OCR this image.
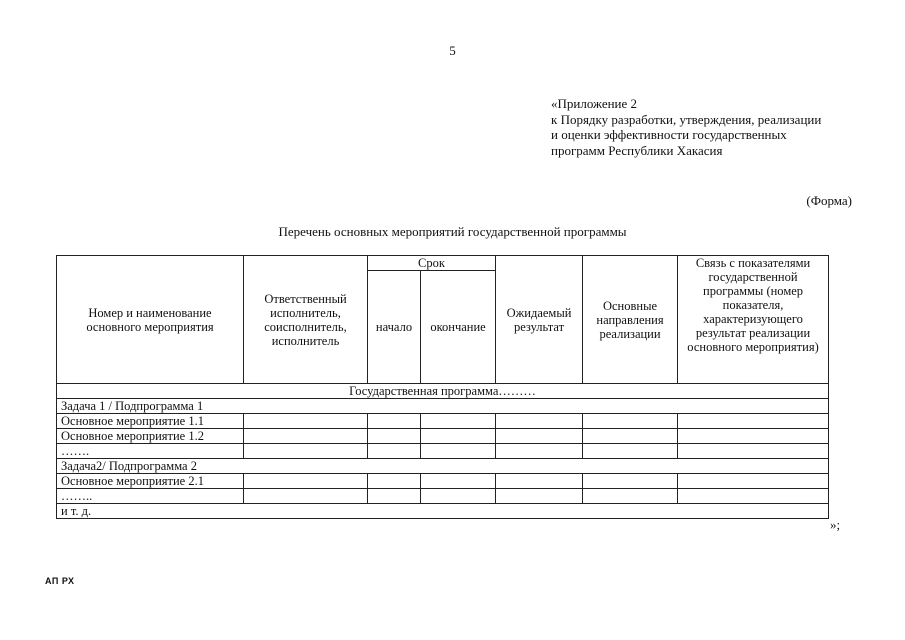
5
«Приложение 2
к Порядку разработки, утверждения, реализации
и оценки эффективности государственных
программ Республики Хакасия
(Форма)
Перечень основных мероприятий государственной программы
Номер и наименование основного мероприятия	Ответственный исполнитель, соисполнитель, исполнитель	Срок		Ожидаемый результат	Основные направления реализации	Связь с показателями государственной программы (номер показателя, характеризующего результат реализации основного мероприятия)
		начало	окончание			
Государственная программа………						
Задача 1 / Подпрограмма 1						
Основное мероприятие 1.1						
Основное мероприятие 1.2						
…….						
Задача2/ Подпрограмма 2						
Основное мероприятие 2.1						
……..						
и т. д.						
»;
АП РХ
